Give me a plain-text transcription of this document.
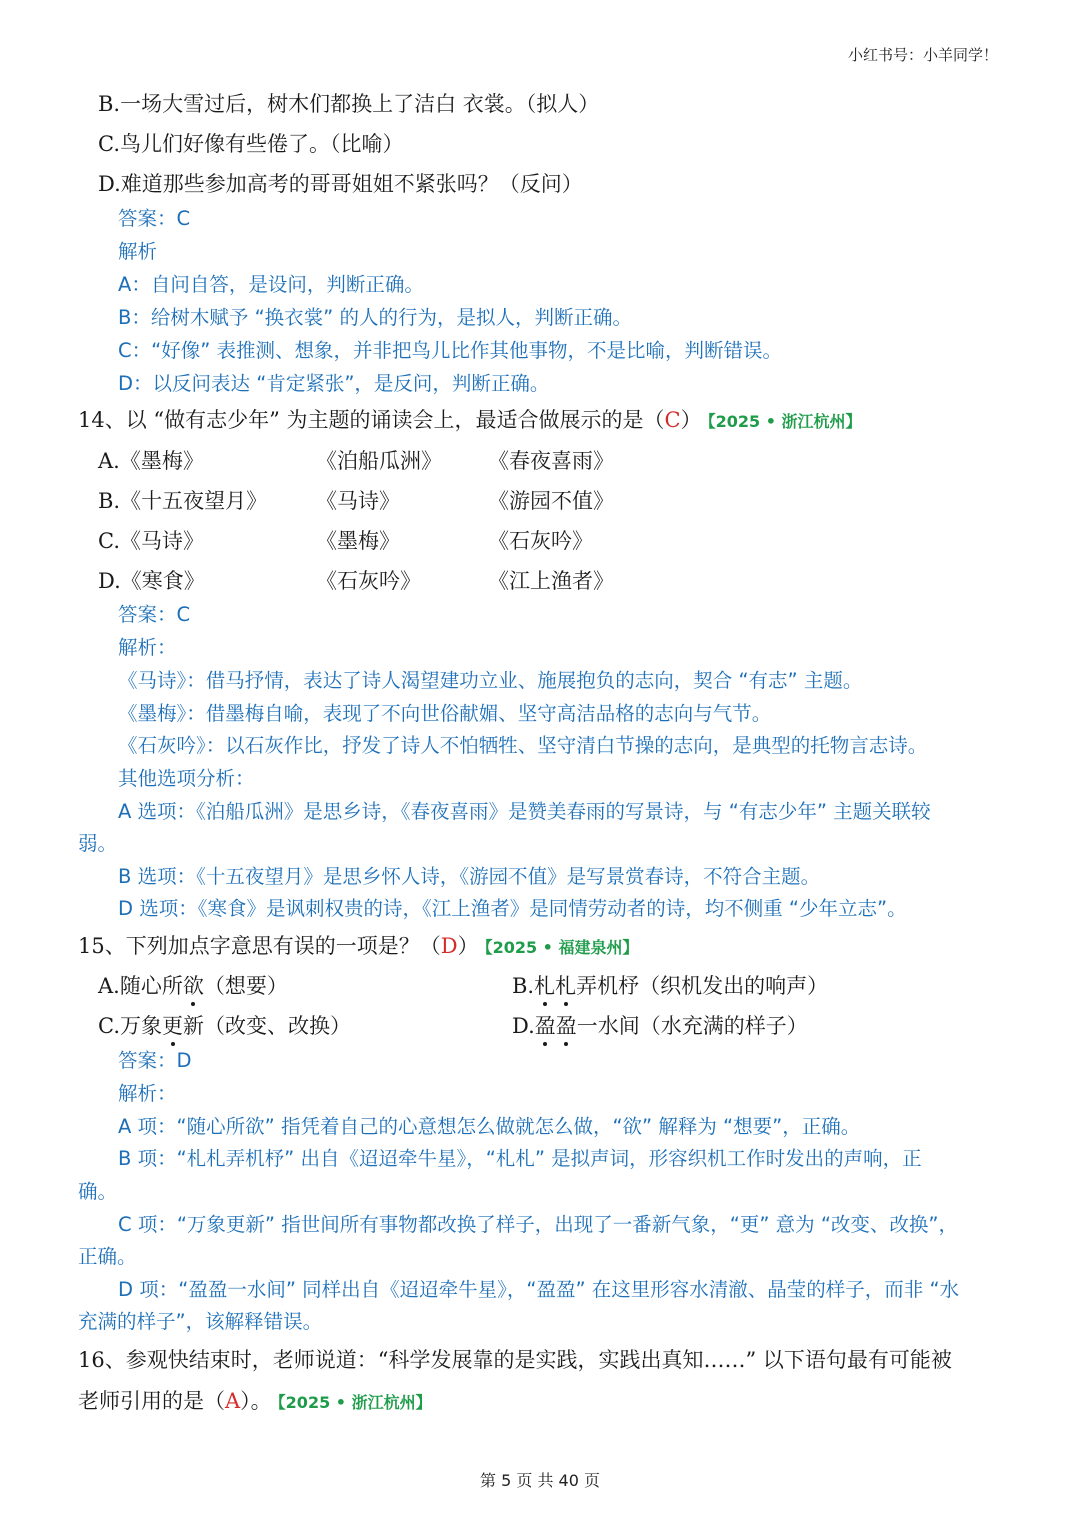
小红书号：小羊同学！
B.一场大雪过后，树木们都换上了洁白 衣裳。（拟人）
C.鸟儿们好像有些倦了。（比喻）
D.难道那些参加高考的哥哥姐姐不紧张吗？（反问）
答案：C
解析
A：自问自答，是设问，判断正确。
B：给树木赋予 “换衣裳” 的人的行为，是拟人，判断正确。
C：“好像” 表推测、想象，并非把鸟儿比作其他事物，不是比喻，判断错误。
D：以反问表达 “肯定紧张”，是反问，判断正确。
14、以 “做有志少年” 为主题的诵读会上，最适合做展示的是（C） 【2025 • 浙江杭州】
A.《墨梅》	《泊船瓜洲》 《春夜喜雨》
B.《十五夜望月》 《马诗》	《游园不值》
C.《马诗》	《墨梅》	《石灰吟》
D.《寒食》	《石灰吟》	《江上渔者》
答案：C
解析：
《马诗》：借马抒情，表达了诗人渴望建功立业、施展抱负的志向，契合 “有志” 主题。
《墨梅》：借墨梅自喻，表现了不向世俗献媚、坚守高洁品格的志向与气节。
《石灰吟》：以石灰作比，抒发了诗人不怕牺牲、坚守清白节操的志向，是典型的托物言志诗。
其他选项分析：
A 选项：《泊船瓜洲》是思乡诗，《春夜喜雨》是赞美春雨的写景诗，与 “有志少年” 主题关联较
弱。
B 选项：《十五夜望月》是思乡怀人诗，《游园不值》是写景赏春诗，不符合主题。
D 选项：《寒食》是讽刺权贵的诗，《江上渔者》是同情劳动者的诗，均不侧重 “少年立志”。
15、下列加点字意思有误的一项是？（D） 【2025 • 福建泉州】
A.随心所欲（想要）	B.札札弄机杼（织机发出的响声）
C.万象更新（改变、改换）	D.盈盈一水间（水充满的样子）
答案：D
解析：
A 项：“随心所欲” 指凭着自己的心意想怎么做就怎么做，“欲” 解释为 “想要”，正确。
B 项：“札札弄机杼” 出自《迢迢牵牛星》，“札札” 是拟声词，形容织机工作时发出的声响，正
确。
C 项：“万象更新” 指世间所有事物都改换了样子，出现了一番新气象，“更” 意为 “改变、改换”，
正确。
D 项：“盈盈一水间” 同样出自《迢迢牵牛星》，“盈盈” 在这里形容水清澈、晶莹的样子，而非 “水
充满的样子”，该解释错误。
16、参观快结束时，老师说道：“科学发展靠的是实践，实践出真知……” 以下语句最有可能被
老师引用的是（A）。 【2025 • 浙江杭州】
第 5 页 共 40 页
